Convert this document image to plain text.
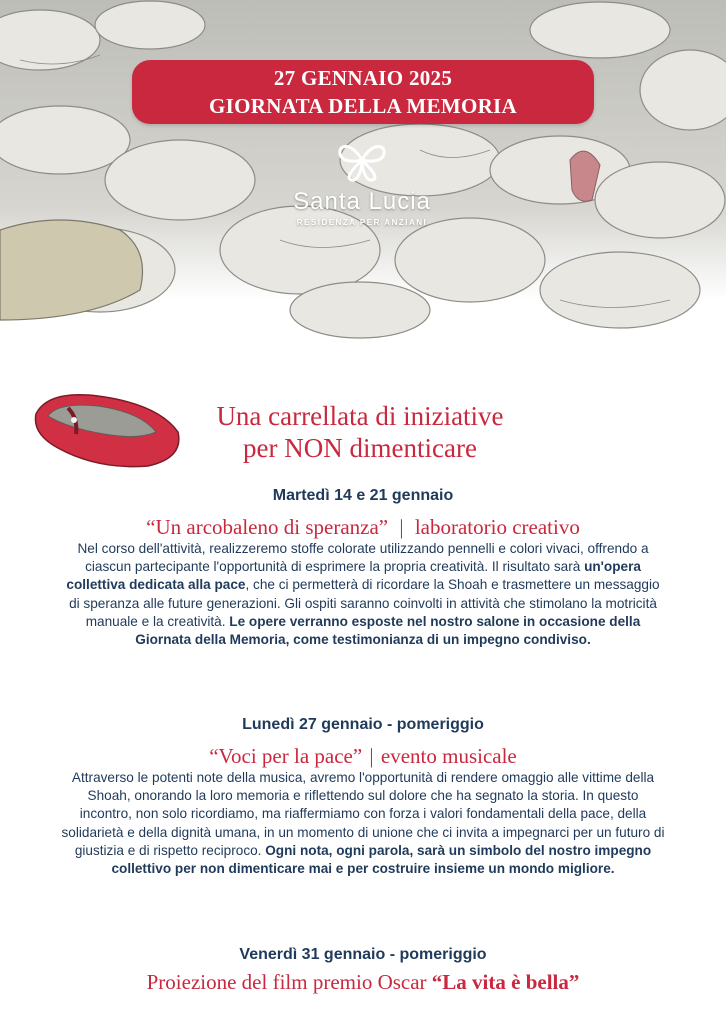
27 GENNAIO 2025
GIORNATA DELLA MEMORIA
Santa Lucia
RESIDENZA PER ANZIANI
Una carrellata di iniziative
per NON dimenticare
Martedì 14 e 21 gennaio
“Un arcobaleno di speranza” | laboratorio creativo
Nel corso dell'attività, realizzeremo stoffe colorate utilizzando pennelli e colori vivaci, offrendo a ciascun partecipante l'opportunità di esprimere la propria creatività. Il risultato sarà un'opera collettiva dedicata alla pace, che ci permetterà di ricordare la Shoah e trasmettere un messaggio di speranza alle future generazioni. Gli ospiti saranno coinvolti in attività che stimolano la motricità manuale e la creatività. Le opere verranno esposte nel nostro salone in occasione della Giornata della Memoria, come testimonianza di un impegno condiviso.
Lunedì 27 gennaio - pomeriggio
“Voci per la pace” | evento musicale
Attraverso le potenti note della musica, avremo l'opportunità di rendere omaggio alle vittime della Shoah, onorando la loro memoria e riflettendo sul dolore che ha segnato la storia. In questo incontro, non solo ricordiamo, ma riaffermiamo con forza i valori fondamentali della pace, della solidarietà e della dignità umana, in un momento di unione che ci invita a impegnarci per un futuro di giustizia e di rispetto reciproco. Ogni nota, ogni parola, sarà un simbolo del nostro impegno collettivo per non dimenticare mai e per costruire insieme un mondo migliore.
Venerdì 31 gennaio - pomeriggio
Proiezione del film premio Oscar “La vita è bella”
